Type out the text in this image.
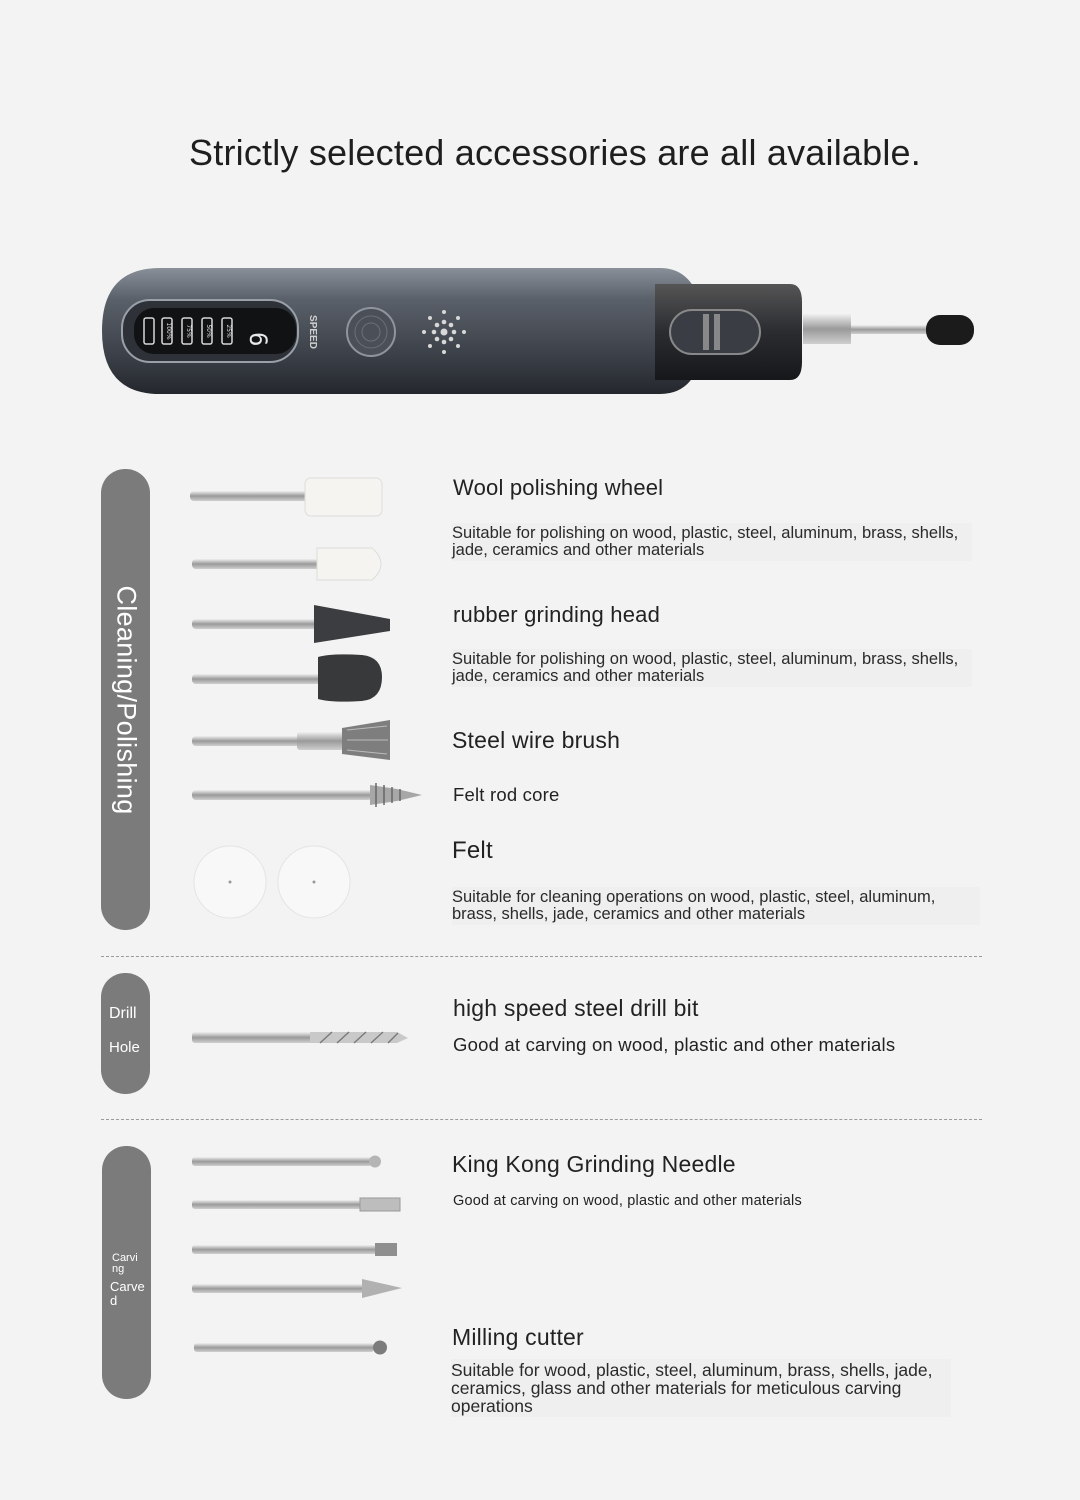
Strictly selected accessories are all available.
6	SPEED
100% 75% 50% 25%
Cleaning/Polishing
Drill
Hole
Carvi
ng
Carve
d
Wool polishing wheel
Suitable for polishing on wood, plastic, steel, aluminum, brass, shells, jade, ceramics and other materials
rubber grinding head
Suitable for polishing on wood, plastic, steel, aluminum, brass, shells, jade, ceramics and other materials
Steel wire brush
Felt rod core
Felt
Suitable for cleaning operations on wood, plastic, steel, aluminum, brass, shells, jade, ceramics and other materials
high speed steel drill bit
Good at carving on wood, plastic and other materials
King Kong Grinding Needle
Good at carving on wood, plastic and other materials
Milling cutter
Suitable for wood, plastic, steel, aluminum, brass, shells, jade, ceramics, glass and other materials for meticulous carving operations
